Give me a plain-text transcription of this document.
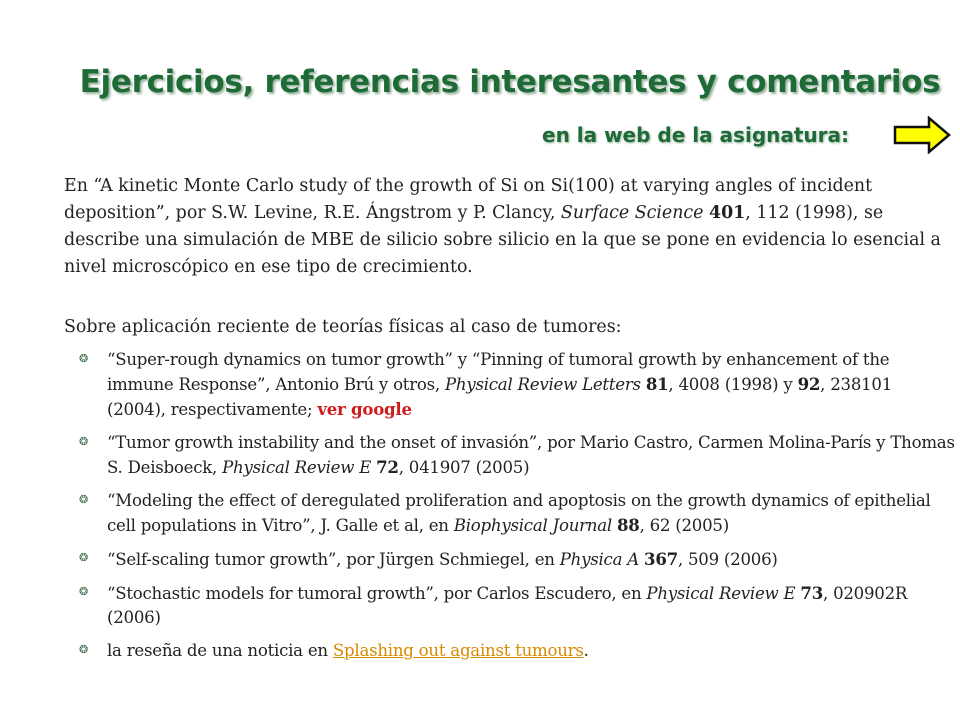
Ejercicios, referencias interesantes y comentarios
en la web de la asignatura:

En “A kinetic Monte Carlo study of the growth of Si on Si(100) at varying angles of incident deposition”, por S.W. Levine, R.E. Ángstrom y P. Clancy, Surface Science 401, 112 (1998), se describe una simulación de MBE de silicio sobre silicio en la que se pone en evidencia lo esencial a nivel microscópico en ese tipo de crecimiento.

Sobre aplicación reciente de teorías físicas al caso de tumores:

❂ “Super-rough dynamics on tumor growth” y “Pinning of tumoral growth by enhancement of the immune Response”, Antonio Brú y otros, Physical Review Letters 81, 4008 (1998) y 92, 238101 (2004), respectivamente; ver google
❂ “Tumor growth instability and the onset of invasión”, por Mario Castro, Carmen Molina-París y Thomas S. Deisboeck, Physical Review E 72, 041907 (2005)
❂ “Modeling the effect of deregulated proliferation and apoptosis on the growth dynamics of epithelial cell populations in Vitro”, J. Galle et al, en Biophysical Journal 88, 62 (2005)
❂ “Self-scaling tumor growth”, por Jürgen Schmiegel, en Physica A 367, 509 (2006)
❂ “Stochastic models for tumoral growth”, por Carlos Escudero, en Physical Review E 73, 020902R (2006)
❂ la reseña de una noticia en Splashing out against tumours.
